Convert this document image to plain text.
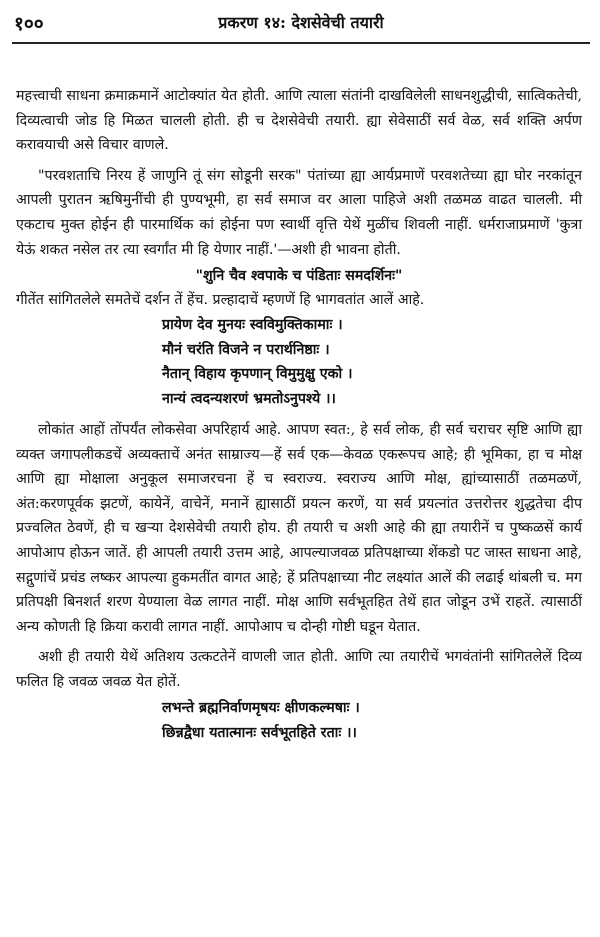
१००	प्रकरण १४: देशसेवेची तयारी

महत्त्वाची साधना क्रमाक्रमानें आटोक्यांत येत होती. आणि त्याला संतांनी दाखविलेली साधनशुद्धीची, सात्विकतेची, दिव्यत्वाची जोड हि मिळत चालली होती. ही च देशसेवेची तयारी. ह्या सेवेसाठीं सर्व वेळ, सर्व शक्ति अर्पण करावयाची असे विचार वाणले.

"परवशताचि निरय हें जाणुनि तूं संग सोडूनी सरक" पंतांच्या ह्या आर्यप्रमाणें परवशतेच्या ह्या घोर नरकांतून आपली पुरातन ऋषिमुनींची ही पुण्यभूमी, हा सर्व समाज वर आला पाहिजे अशी तळमळ वाढत चालली. मी एकटाच मुक्त होईन ही पारमार्थिक कां होईना पण स्वार्थी वृत्ति येथें मुळींच शिवली नाहीं. धर्मराजाप्रमाणें 'कुत्रा येऊं शकत नसेल तर त्या स्वर्गांत मी हि येणार नाहीं.'—अशी ही भावना होती.

"शुनि चैव श्वपाके च पंडिताः समदर्शिनः"

गीतेंत सांगितलेले समतेचें दर्शन तें हेंच. प्रल्हादाचें म्हणणें हि भागवतांत आलें आहे.

प्रायेण देव मुनयः स्वविमुक्तिकामाः ।
मौनं चरंति विजने न परार्थनिष्ठाः ।
नैतान् विहाय कृपणान् विमुमुक्षु एको ।
नान्यं त्वदन्यशरणं भ्रमतोऽनुपश्ये ।।

लोकांत आहों तोंपर्यंत लोकसेवा अपरिहार्य आहे. आपण स्वत:, हे सर्व लोक, ही सर्व चराचर सृष्टि आणि ह्या व्यक्त जगापलीकडचें अव्यक्ताचें अनंत साम्राज्य—हें सर्व एक—केवळ एकरूपच आहे; ही भूमिका, हा च मोक्ष आणि ह्या मोक्षाला अनुकूल समाजरचना हें च स्वराज्य. स्वराज्य आणि मोक्ष, ह्यांच्यासाठीं तळमळणें, अंत:करणपूर्वक झटणें, कायेनें, वाचेनें, मनानें ह्यासाठीं प्रयत्न करणें, या सर्व प्रयत्नांत उत्तरोत्तर शुद्धतेचा दीप प्रज्वलित ठेवणें, ही च खऱ्या देशसेवेची तयारी होय. ही तयारी च अशी आहे की ह्या तयारीनें च पुष्कळसें कार्य आपोआप होऊन जातें. ही आपली तयारी उत्तम आहे, आपल्याजवळ प्रतिपक्षाच्या शेंकडो पट जास्त साधना आहे, सद्गुणांचें प्रचंड लष्कर आपल्या हुकमतींत वागत आहे; हें प्रतिपक्षाच्या नीट लक्ष्यांत आलें की लढाई थांबली च. मग प्रतिपक्षी बिनशर्त शरण येण्याला वेळ लागत नाहीं. मोक्ष आणि सर्वभूतहित तेथें हात जोडून उभें राहतें. त्यासाठीं अन्य कोणती हि क्रिया करावी लागत नाहीं. आपोआप च दोन्ही गोष्टी घडून येतात.

अशी ही तयारी येथें अतिशय उत्कटतेनें वाणली जात होती. आणि त्या तयारीचें भगवंतांनी सांगितलेलें दिव्य फलित हि जवळ जवळ येत होतें.

लभन्ते ब्रह्मनिर्वाणमृषयः क्षीणकल्मषाः ।
छिन्नद्वैधा यतात्मानः सर्वभूतहिते रताः ।।
